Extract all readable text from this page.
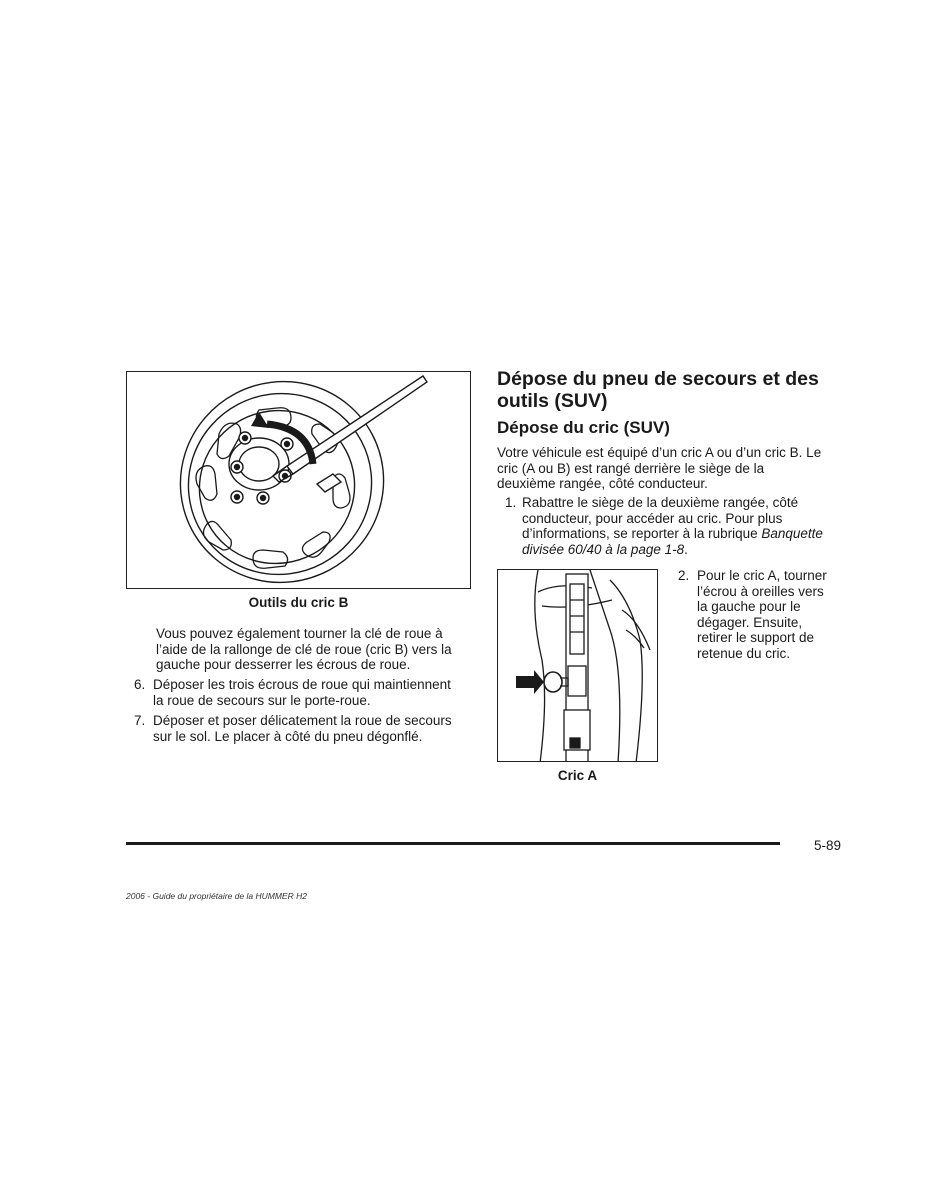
Outils du cric B
Vous pouvez également tourner la clé de roue à
l’aide de la rallonge de clé de roue (cric B) vers la
gauche pour desserrer les écrous de roue.
6. Déposer les trois écrous de roue qui maintiennent
la roue de secours sur le porte-roue.
7. Déposer et poser délicatement la roue de secours
sur le sol. Le placer à côté du pneu dégonflé.
Dépose du pneu de secours et des
outils (SUV)
Dépose du cric (SUV)
Votre véhicule est équipé d’un cric A ou d’un cric B. Le
cric (A ou B) est rangé derrière le siège de la
deuxième rangée, côté conducteur.
1. Rabattre le siège de la deuxième rangée, côté
conducteur, pour accéder au cric. Pour plus
d’informations, se reporter à la rubrique Banquette
divisée 60/40 à la page 1-8.
Cric A
2. Pour le cric A, tourner
l’écrou à oreilles vers
la gauche pour le
dégager. Ensuite,
retirer le support de
retenue du cric.
5-89
2006 - Guide du propriétaire de la HUMMER H2
